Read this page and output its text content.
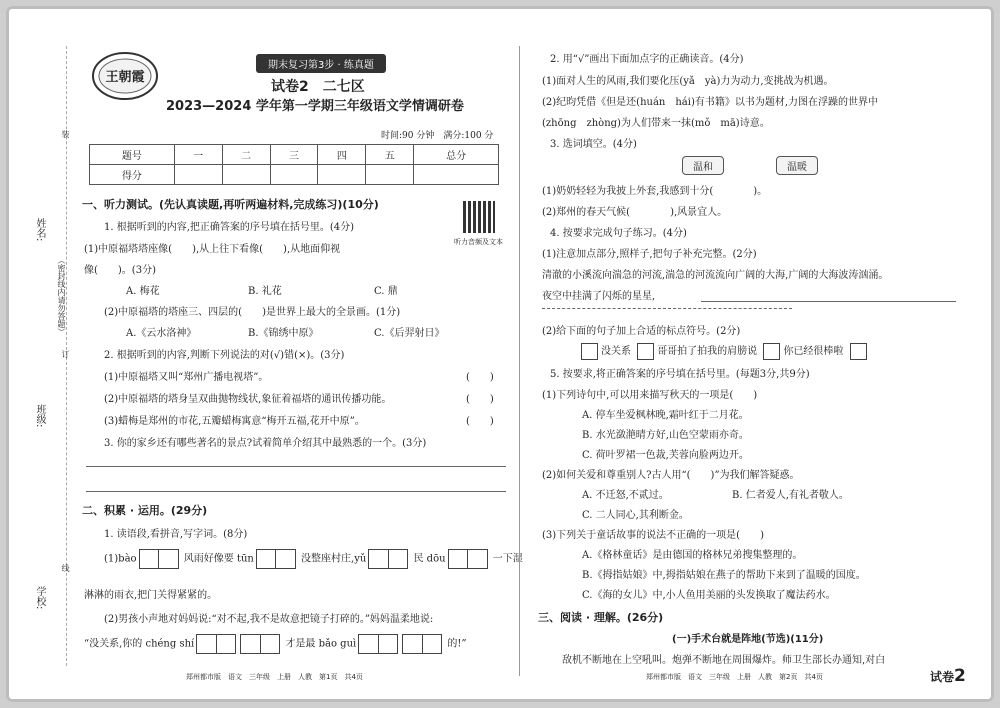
姓名:
班级:
学校:
（密封线内请勿答题）
装
订
线
王朝霞
期末复习第3步 · 练真题
试卷2　二七区
2023—2024 学年第一学期三年级语文学情调研卷
时间:90 分钟　满分:100 分
题号	一	二	三	四	五	总分
得分						
一、听力测试。(先认真读题,再听两遍材料,完成练习)(10分)
听力音频及文本
1. 根据听到的内容,把正确答案的序号填在括号里。(4分)
(1)中原福塔塔座像(　　),从上往下看像(　　),从地面仰视
像(　　)。(3分)
A. 梅花	B. 礼花	C. 鼎
(2)中原福塔的塔座三、四层的(　　)是世界上最大的全景画。(1分)
A.《云水洛神》	B.《锦绣中原》	C.《后羿射日》
2. 根据听到的内容,判断下列说法的对(√)错(×)。(3分)
(1)中原福塔又叫“郑州广播电视塔”。	(　　)
(2)中原福塔的塔身呈双曲抛物线状,象征着福塔的通讯传播功能。	(　　)
(3)蜡梅是郑州的市花,五瓣蜡梅寓意“梅开五福,花开中原”。	(　　)
3. 你的家乡还有哪些著名的景点?试着简单介绍其中最熟悉的一个。(3分)
二、积累 · 运用。(29分)
1. 读语段,看拼音,写字词。(8分)
(1)bào	风雨好像要 tūn	没整座村庄,yǔ	民 dōu	一下湿
淋淋的雨衣,把门关得紧紧的。
(2)男孩小声地对妈妈说:“对不起,我不是故意把镜子打碎的。”妈妈温柔地说:
“没关系,你的 chéng shí	才是最 bǎo guì	的!”
郑州都市版　语文　三年级　上册　人教　第1页　共4页
2. 用“√”画出下面加点字的正确读音。(4分)
(1)面对人生的风雨,我们要化压(yǎ　yà)力为动力,变挑战为机遇。
(2)纪昀凭借《但是还(huán　hái)有书籍》以书为题材,力图在浮躁的世界中
(zhōng　zhòng)为人们带来一抹(mǒ　mā)诗意。
3. 选词填空。(4分)
温和	温暖
(1)奶奶轻轻为我披上外套,我感到十分(　　　　)。
(2)郑州的春天气候(　　　　),风景宜人。
4. 按要求完成句子练习。(4分)
(1)注意加点部分,照样子,把句子补充完整。(2分)
清澈的小溪流向湍急的河流,湍急的河流流向广阔的大海,广阔的大海波涛汹涌。
夜空中挂满了闪烁的星星,
(2)给下面的句子加上合适的标点符号。(2分)
没关系	哥哥拍了拍我的肩膀说	你已经很棒啦
5. 按要求,将正确答案的序号填在括号里。(每题3分,共9分)
(1)下列诗句中,可以用来描写秋天的一项是(　　)
A. 停车坐爱枫林晚,霜叶红于二月花。
B. 水光潋滟晴方好,山色空蒙雨亦奇。
C. 荷叶罗裙一色裁,芙蓉向脸两边开。
(2)如何关爱和尊重别人?古人用“(　　)”为我们解答疑惑。
A. 不迁怒,不贰过。	B. 仁者爱人,有礼者敬人。
C. 二人同心,其利断金。
(3)下列关于童话故事的说法不正确的一项是(　　)
A.《格林童话》是由德国的格林兄弟搜集整理的。
B.《拇指姑娘》中,拇指姑娘在燕子的帮助下来到了温暖的国度。
C.《海的女儿》中,小人鱼用美丽的头发换取了魔法药水。
三、阅读 · 理解。(26分)
(一)手术台就是阵地(节选)(11分)
敌机不断地在上空吼叫。炮弹不断地在周围爆炸。师卫生部长办通知,对白
郑州都市版　语文　三年级　上册　人教　第2页　共4页	试卷2
